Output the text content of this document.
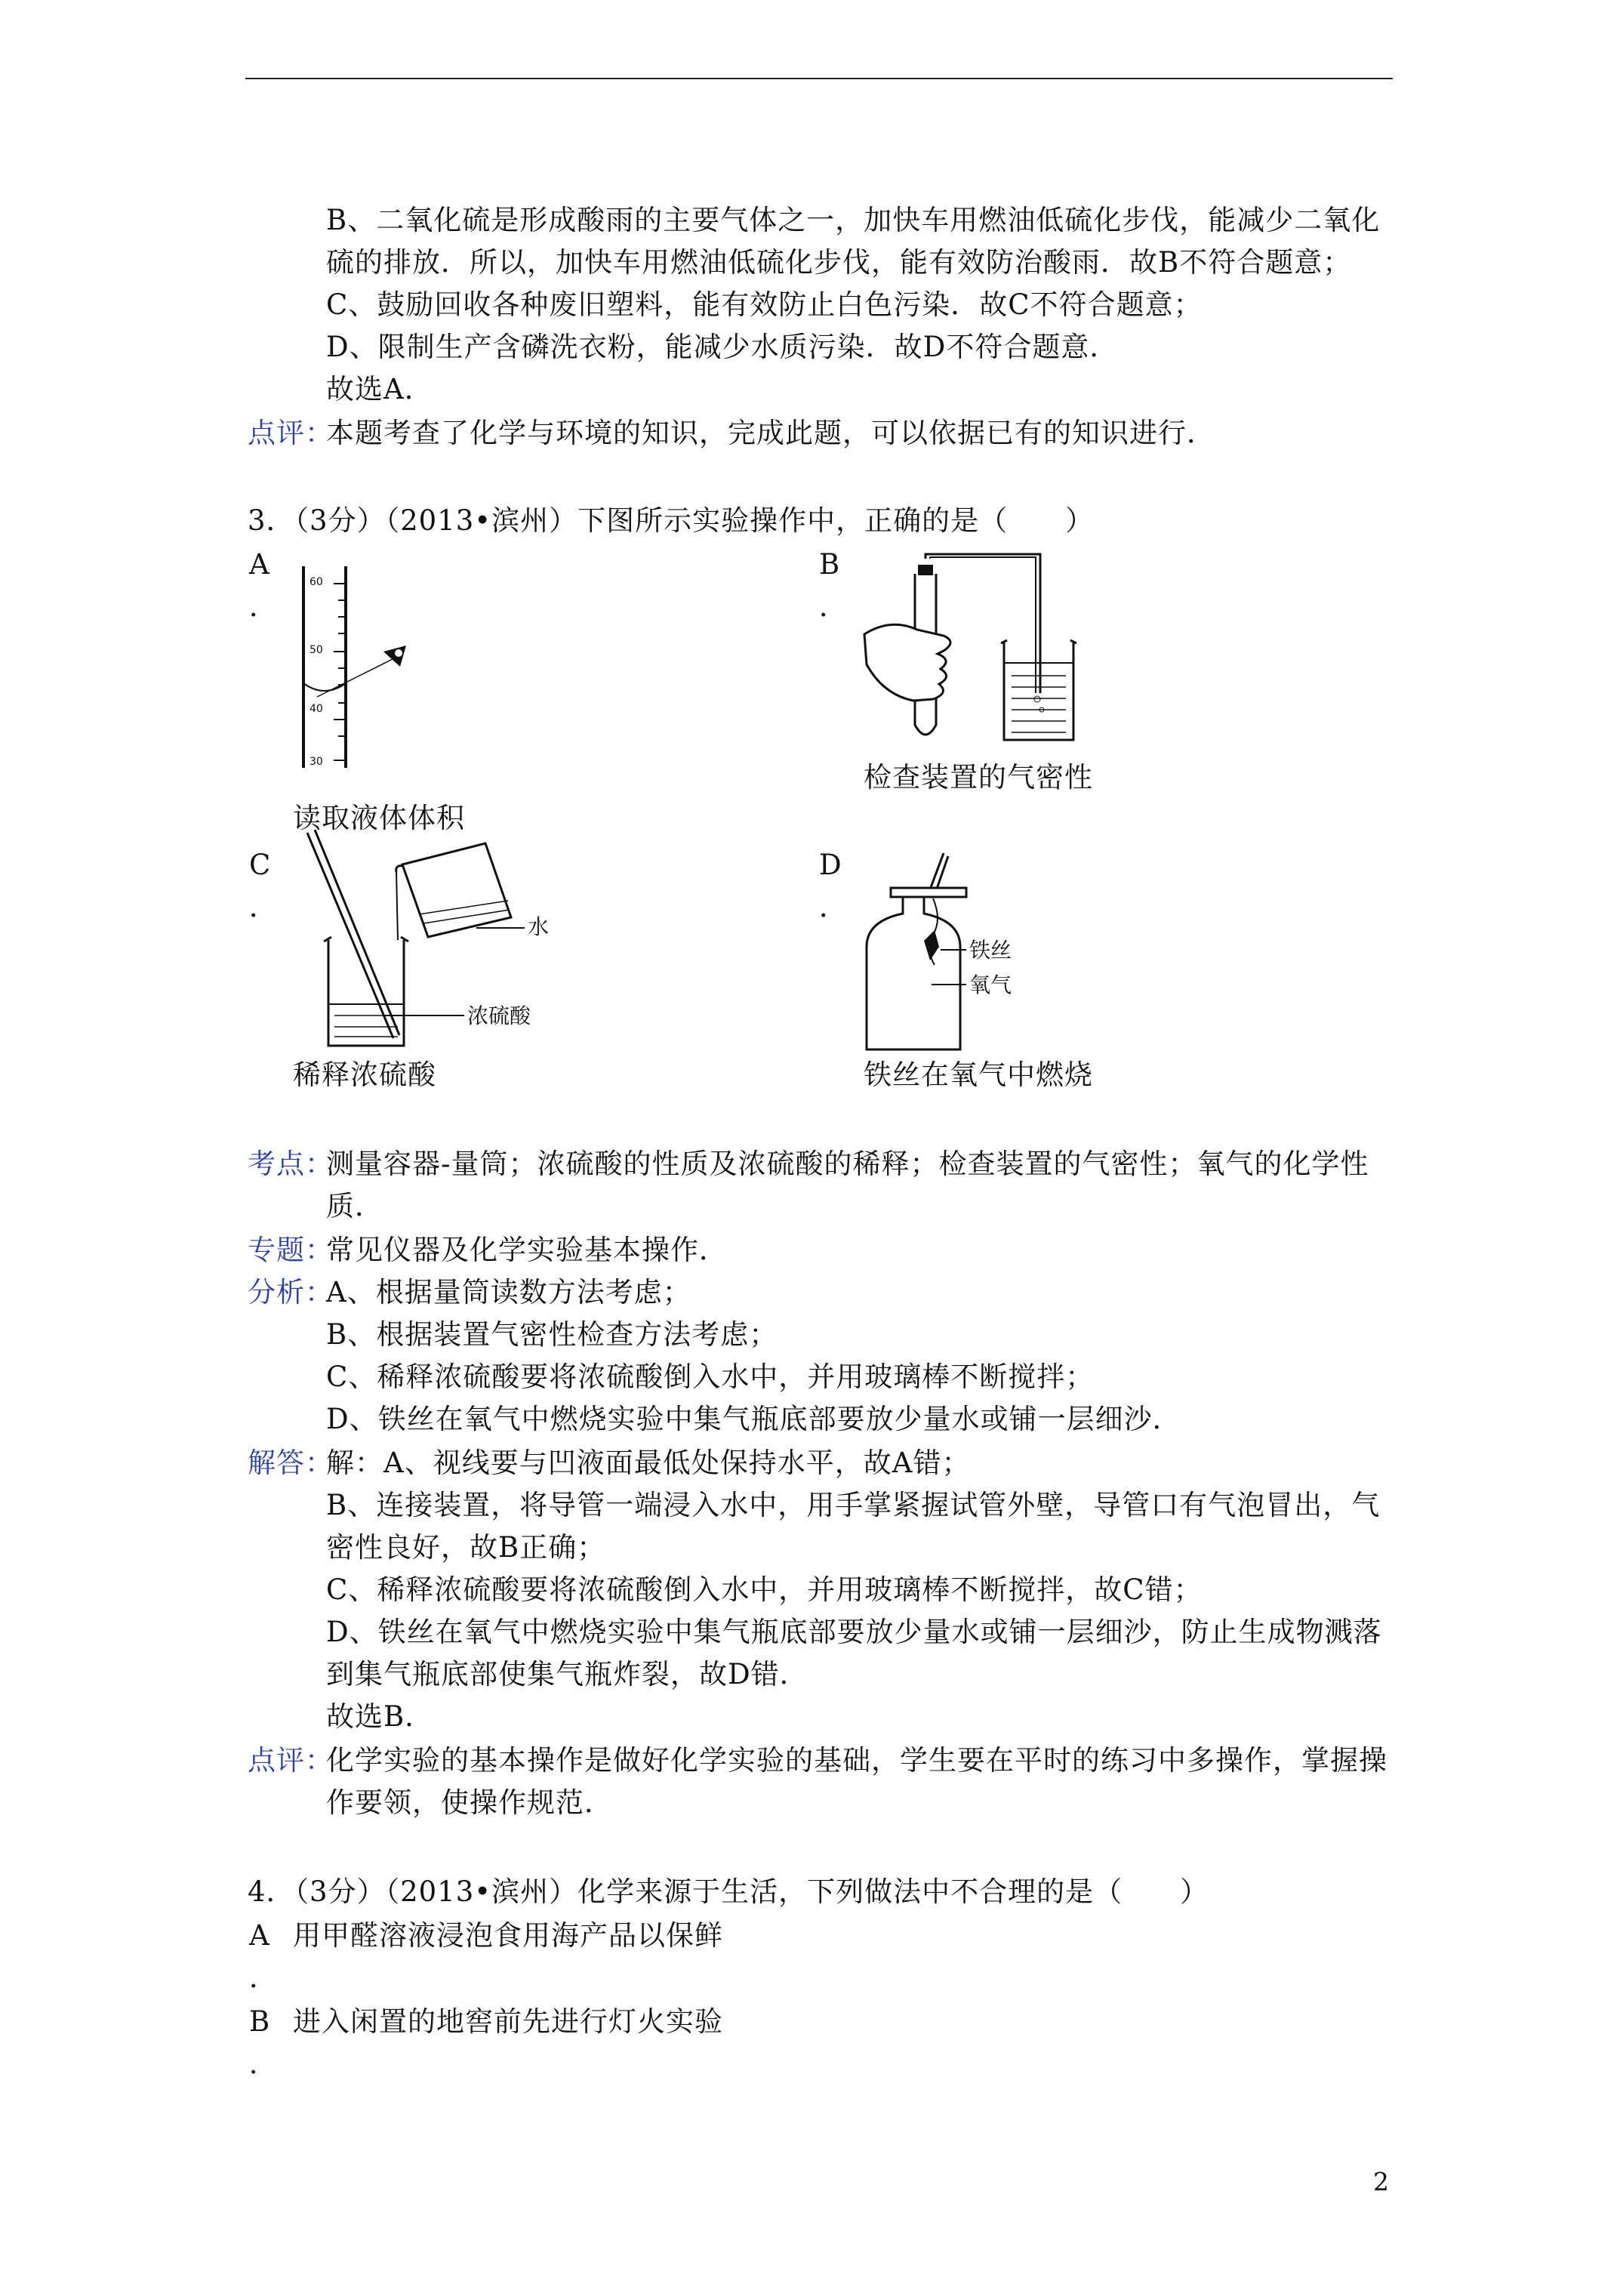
B、二氧化硫是形成酸雨的主要气体之一，加快车用燃油低硫化步伐，能减少二氧化
硫的排放．所以，加快车用燃油低硫化步伐，能有效防治酸雨．故B不符合题意；
C、鼓励回收各种废旧塑料，能有效防止白色污染．故C不符合题意；
D、限制生产含磷洗衣粉，能减少水质污染．故D不符合题意．
故选A．
点评：
本题考查了化学与环境的知识，完成此题，可以依据已有的知识进行．
3．（3分）（2013•滨州）下图所示实验操作中，正确的是（　　）
A
．
60
50
40
30
读取液体体积
B
．
检查装置的气密性
C
．
水
浓硫酸
稀释浓硫酸
D
．
铁丝
氧气
铁丝在氧气中燃烧
考点：
测量容器-量筒；浓硫酸的性质及浓硫酸的稀释；检查装置的气密性；氧气的化学性
质．
专题：
常见仪器及化学实验基本操作．
分析：
A、根据量筒读数方法考虑；
B、根据装置气密性检查方法考虑；
C、稀释浓硫酸要将浓硫酸倒入水中，并用玻璃棒不断搅拌；
D、铁丝在氧气中燃烧实验中集气瓶底部要放少量水或铺一层细沙．
解答：
解：A、视线要与凹液面最低处保持水平，故A错；
B、连接装置，将导管一端浸入水中，用手掌紧握试管外壁，导管口有气泡冒出，气
密性良好，故B正确；
C、稀释浓硫酸要将浓硫酸倒入水中，并用玻璃棒不断搅拌，故C错；
D、铁丝在氧气中燃烧实验中集气瓶底部要放少量水或铺一层细沙，防止生成物溅落
到集气瓶底部使集气瓶炸裂，故D错．
故选B．
点评：
化学实验的基本操作是做好化学实验的基础，学生要在平时的练习中多操作，掌握操
作要领，使操作规范．
4．（3分）（2013•滨州）化学来源于生活，下列做法中不合理的是（　　）
A 用甲醛溶液浸泡食用海产品以保鲜
．
B 进入闲置的地窖前先进行灯火实验
．
2
